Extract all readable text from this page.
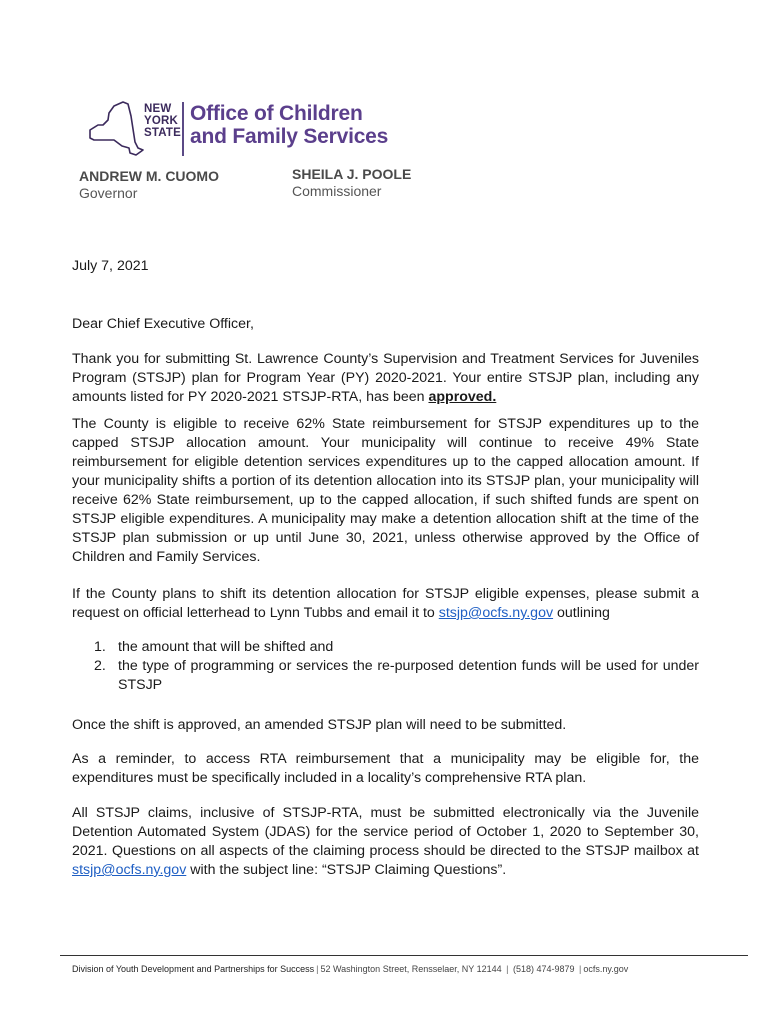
NEW
YORK
STATE
Office of Children
and Family Services
ANDREW M. CUOMO
Governor
SHEILA J. POOLE
Commissioner
July 7, 2021
Dear Chief Executive Officer,

Thank you for submitting St. Lawrence County’s Supervision and Treatment Services for Juveniles Program (STSJP) plan for Program Year (PY) 2020-2021. Your entire STSJP plan, including any amounts listed for PY 2020-2021 STSJP-RTA, has been approved.

The County is eligible to receive 62% State reimbursement for STSJP expenditures up to the capped STSJP allocation amount. Your municipality will continue to receive 49% State reimbursement for eligible detention services expenditures up to the capped allocation amount. If your municipality shifts a portion of its detention allocation into its STSJP plan, your municipality will receive 62% State reimbursement, up to the capped allocation, if such shifted funds are spent on STSJP eligible expenditures. A municipality may make a detention allocation shift at the time of the STSJP plan submission or up until June 30, 2021, unless otherwise approved by the Office of Children and Family Services.

If the County plans to shift its detention allocation for STSJP eligible expenses, please submit a request on official letterhead to Lynn Tubbs and email it to stsjp@ocfs.ny.gov outlining

1. the amount that will be shifted and
2. the type of programming or services the re-purposed detention funds will be used for under STSJP

Once the shift is approved, an amended STSJP plan will need to be submitted.

As a reminder, to access RTA reimbursement that a municipality may be eligible for, the expenditures must be specifically included in a locality’s comprehensive RTA plan.

All STSJP claims, inclusive of STSJP-RTA, must be submitted electronically via the Juvenile Detention Automated System (JDAS) for the service period of October 1, 2020 to September 30, 2021. Questions on all aspects of the claiming process should be directed to the STSJP mailbox at stsjp@ocfs.ny.gov with the subject line: “STSJP Claiming Questions”.

Division of Youth Development and Partnerships for Success | 52 Washington Street, Rensselaer, NY 12144 | (518) 474-9879 | ocfs.ny.gov
